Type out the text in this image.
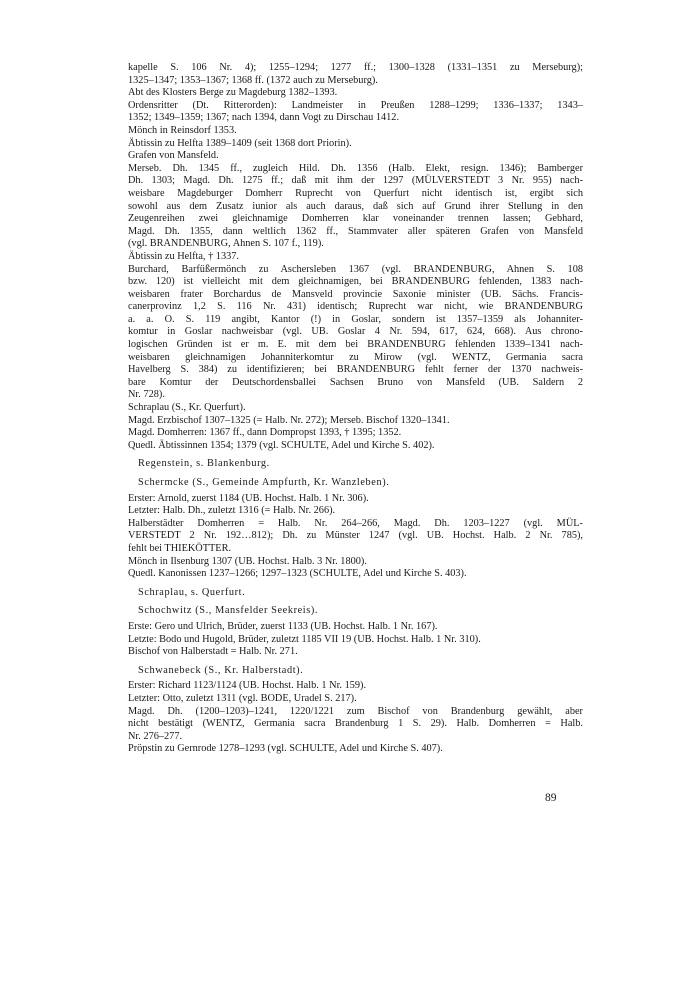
kapelle S. 106 Nr. 4); 1255–1294; 1277 ff.; 1300–1328 (1331–1351 zu Merseburg);
1325–1347; 1353–1367; 1368 ff. (1372 auch zu Merseburg).
Abt des Klosters Berge zu Magdeburg 1382–1393.
Ordensritter (Dt. Ritterorden): Landmeister in Preußen 1288–1299; 1336–1337; 1343–
1352; 1349–1359; 1367; nach 1394, dann Vogt zu Dirschau 1412.
Mönch in Reinsdorf 1353.
Äbtissin zu Helfta 1389–1409 (seit 1368 dort Priorin).
Grafen von Mansfeld.
Merseb. Dh. 1345 ff., zugleich Hild. Dh. 1356 (Halb. Elekt, resign. 1346); Bamberger
Dh. 1303; Magd. Dh. 1275 ff.; daß mit ihm der 1297 (MÜLVERSTEDT 3 Nr. 955) nach-
weisbare Magdeburger Domherr Ruprecht von Querfurt nicht identisch ist, ergibt sich
sowohl aus dem Zusatz iunior als auch daraus, daß sich auf Grund ihrer Stellung in den
Zeugenreihen zwei gleichnamige Domherren klar voneinander trennen lassen; Gebhard,
Magd. Dh. 1355, dann weltlich 1362 ff., Stammvater aller späteren Grafen von Mansfeld
(vgl. BRANDENBURG, Ahnen S. 107 f., 119).
Äbtissin zu Helfta, † 1337.
Burchard, Barfüßermönch zu Aschersleben 1367 (vgl. BRANDENBURG, Ahnen S. 108
bzw. 120) ist vielleicht mit dem gleichnamigen, bei BRANDENBURG fehlenden, 1383 nach-
weisbaren frater Borchardus de Mansveld provincie Saxonie minister (UB. Sächs. Francis-
canerprovinz 1,2 S. 116 Nr. 431) identisch; Ruprecht war nicht, wie BRANDENBURG
a. a. O. S. 119 angibt, Kantor (!) in Goslar, sondern ist 1357–1359 als Johanniter-
komtur in Goslar nachweisbar (vgl. UB. Goslar 4 Nr. 594, 617, 624, 668). Aus chrono-
logischen Gründen ist er m. E. mit dem bei BRANDENBURG fehlenden 1339–1341 nach-
weisbaren gleichnamigen Johanniterkomtur zu Mirow (vgl. WENTZ, Germania sacra
Havelberg S. 384) zu identifizieren; bei BRANDENBURG fehlt ferner der 1370 nachweis-
bare Komtur der Deutschordensballei Sachsen Bruno von Mansfeld (UB. Saldern 2
Nr. 728).
Schraplau (S., Kr. Querfurt).
Magd. Erzbischof 1307–1325 (= Halb. Nr. 272); Merseb. Bischof 1320–1341.
Magd. Domherren: 1367 ff., dann Dompropst 1393, † 1395; 1352.
Quedl. Äbtissinnen 1354; 1379 (vgl. SCHULTE, Adel und Kirche S. 402).
Regenstein, s. Blankenburg.
Schermcke (S., Gemeinde Ampfurth, Kr. Wanzleben).
Erster: Arnold, zuerst 1184 (UB. Hochst. Halb. 1 Nr. 306).
Letzter: Halb. Dh., zuletzt 1316 (= Halb. Nr. 266).
Halberstädter Domherren = Halb. Nr. 264–266, Magd. Dh. 1203–1227 (vgl. MÜL-
VERSTEDT 2 Nr. 192…812); Dh. zu Münster 1247 (vgl. UB. Hochst. Halb. 2 Nr. 785),
fehlt bei THIEKÖTTER.
Mönch in Ilsenburg 1307 (UB. Hochst. Halb. 3 Nr. 1800).
Quedl. Kanonissen 1237–1266; 1297–1323 (SCHULTE, Adel und Kirche S. 403).
Schraplau, s. Querfurt.
Schochwitz (S., Mansfelder Seekreis).
Erste: Gero und Ulrich, Brüder, zuerst 1133 (UB. Hochst. Halb. 1 Nr. 167).
Letzte: Bodo und Hugold, Brüder, zuletzt 1185 VII 19 (UB. Hochst. Halb. 1 Nr. 310).
Bischof von Halberstadt = Halb. Nr. 271.
Schwanebeck (S., Kr. Halberstadt).
Erster: Richard 1123/1124 (UB. Hochst. Halb. 1 Nr. 159).
Letzter: Otto, zuletzt 1311 (vgl. BODE, Uradel S. 217).
Magd. Dh. (1200–1203)–1241, 1220/1221 zum Bischof von Brandenburg gewählt, aber
nicht bestätigt (WENTZ, Germania sacra Brandenburg 1 S. 29). Halb. Domherren = Halb.
Nr. 276–277.
Pröpstin zu Gernrode 1278–1293 (vgl. SCHULTE, Adel und Kirche S. 407).
89
